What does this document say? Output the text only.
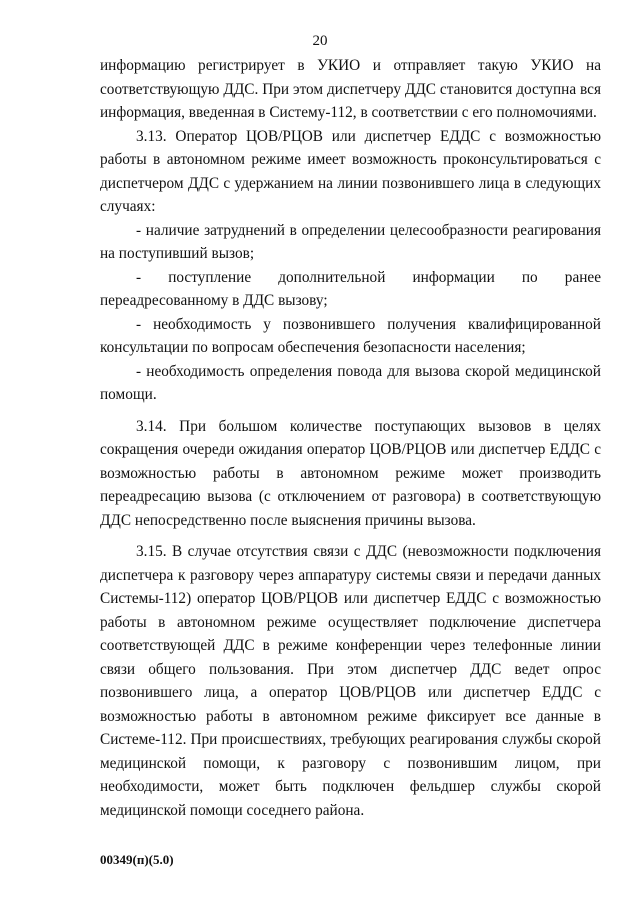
20

информацию регистрирует в УКИО и отправляет такую УКИО на соответствующую ДДС. При этом диспетчеру ДДС становится доступна вся информация, введенная в Систему-112, в соответствии с его полномочиями.

3.13. Оператор ЦОВ/РЦОВ или диспетчер ЕДДС с возможностью работы в автономном режиме имеет возможность проконсультироваться с диспетчером ДДС с удержанием на линии позвонившего лица в следующих случаях:

- наличие затруднений в определении целесообразности реагирования на поступивший вызов;

- поступление дополнительной информации по ранее переадресованному в ДДС вызову;

- необходимость у позвонившего получения квалифицированной консультации по вопросам обеспечения безопасности населения;

- необходимость определения повода для вызова скорой медицинской помощи.

3.14. При большом количестве поступающих вызовов в целях сокращения очереди ожидания оператор ЦОВ/РЦОВ или диспетчер ЕДДС с возможностью работы в автономном режиме может производить переадресацию вызова (с отключением от разговора) в соответствующую ДДС непосредственно после выяснения причины вызова.

3.15. В случае отсутствия связи с ДДС (невозможности подключения диспетчера к разговору через аппаратуру системы связи и передачи данных Системы-112) оператор ЦОВ/РЦОВ или диспетчер ЕДДС с возможностью работы в автономном режиме осуществляет подключение диспетчера соответствующей ДДС в режиме конференции через телефонные линии связи общего пользования. При этом диспетчер ДДС ведет опрос позвонившего лица, а оператор ЦОВ/РЦОВ или диспетчер ЕДДС с возможностью работы в автономном режиме фиксирует все данные в Системе-112. При происшествиях, требующих реагирования службы скорой медицинской помощи, к разговору с позвонившим лицом, при необходимости, может быть подключен фельдшер службы скорой медицинской помощи соседнего района.

00349(п)(5.0)
